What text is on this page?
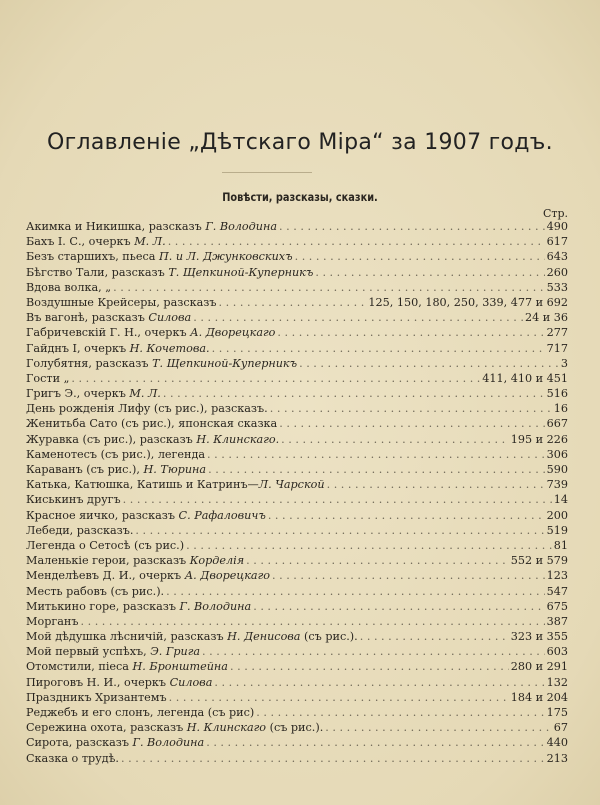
Оглавленіе „Дѣтскаго Міра“ за 1907 годъ.
Повѣсти, разсказы, сказки.
Стр.
Акимка и Никишка, разсказъ Г. Володина . . .	490
Бахъ I. С., очеркъ М. Л. . . .	617
Безъ старшихъ, пьеса П. и Л. Джунковскихъ . . .	643
Бѣгство Тали, разсказъ Т. Щепкиной-Куперникъ . . .	260
Вдова волка, „ . . .	533
Воздушные Крейсеры, разсказъ . . .	125, 150, 180, 250, 339, 477 и 692
Въ вагонѣ, разсказъ Силова . . .	24 и 36
Габричевскій Г. Н., очеркъ А. Дворецкаго . . .	277
Гайднъ I, очеркъ Н. Кочетова. . . .	717
Голубятня, разсказъ Т. Щепкиной-Куперникъ . . .	3
Гости „ . . .	411, 410 и 451
Григъ Э., очеркъ М. Л. . . .	516
День рожденія Лифу (съ рис.), разсказъ. . . .	16
Женитьба Сато (съ рис.), японская сказка . . .	667
Журавка (съ рис.), разсказъ Н. Клинскаго. . . .	195 и 226
Каменотесъ (съ рис.), легенда . . .	306
Караванъ (съ рис.), Н. Тюрина . . .	590
Катька, Катюшка, Катишь и Катринъ—Л. Чарской . . .	739
Киськинъ другъ . . .	14
Красное яичко, разсказъ С. Рафаловичъ . . .	200
Лебеди, разсказъ. . . .	519
Легенда о Сетосѣ (съ рис.) . . .	81
Маленькіе герои, разсказъ Корделія . . .	552 и 579
Менделѣевъ Д. И., очеркъ А. Дворецкаго . . .	123
Месть рабовъ (съ рис.). . . .	547
Митькино горе, разсказъ Г. Володина . . .	675
Морганъ . . .	387
Мой дѣдушка лѣсничій, разсказъ Н. Денисова (съ рис.). . . .	323 и 355
Мой первый успѣхъ, Э. Грига . . .	603
Отомстили, піеса Н. Бронштейна . . .	280 и 291
Пироговъ Н. И., очеркъ Силова . . .	132
Праздникъ Хризантемъ . . .	184 и 204
Реджебъ и его слонъ, легенда (съ рис) . . .	175
Сережина охота, разсказъ Н. Клинскаго (съ рис.). . . .	67
Сирота, разсказъ Г. Володина . . .	440
Сказка о трудѣ. . . .	213
